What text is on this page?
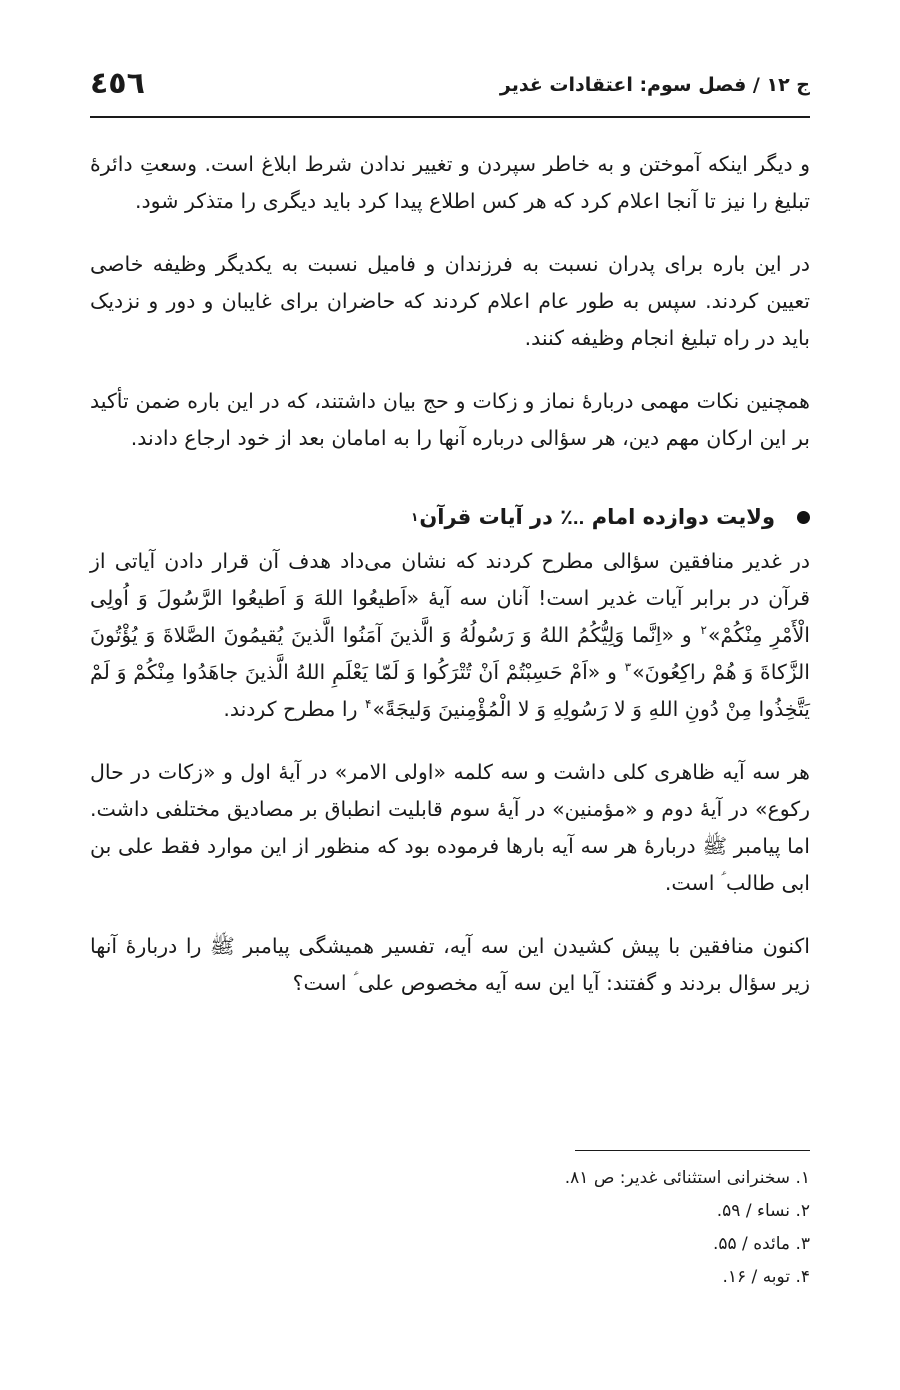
٤٥٦	ج ۱۲ / فصل سوم: اعتقادات غدیر

و دیگر اینکه آموختن و به خاطر سپردن و تغییر ندادن شرط ابلاغ است. وسعتِ دائرۀ تبلیغ را نیز تا آنجا اعلام کرد که هر کس اطلاع پیدا کرد باید دیگری را متذکر شود.

در این باره برای پدران نسبت به فرزندان و فامیل نسبت به یکدیگر وظیفه خاصی تعیین کردند. سپس به طور عام اعلام کردند که حاضران برای غایبان و دور و نزدیک باید در راه تبلیغ انجام وظیفه کنند.

همچنین نکات مهمی دربارۀ نماز و زکات و حج بیان داشتند، که در این باره ضمن تأکید بر این ارکان مهم دین، هر سؤالی درباره آنها را به امامان بعد از خود ارجاع دادند.

ولایت دوازده امام ؊ در آیات قرآن
۱

در غدیر منافقین سؤالی مطرح کردند که نشان می‌داد هدف آن قرار دادن آیاتی از قرآن در برابر آیات غدیر است! آنان سه آیۀ «اَطیعُوا اللهَ وَ اَطیعُوا الرَّسُولَ وَ اُولِی الْأَمْرِ مِنْکُمْ»$^۲$ و «اِنَّما وَلِیُّکُمُ اللهُ وَ رَسُولُهُ وَ الَّذینَ آمَنُوا الَّذینَ یُقیمُونَ الصَّلاةَ وَ یُؤْتُونَ الزَّکاةَ وَ هُمْ راکِعُونَ»$^۳$ و «اَمْ حَسِبْتُمْ اَنْ تُتْرَکُوا وَ لَمّا یَعْلَمِ اللهُ الَّذینَ جاهَدُوا مِنْکُمْ وَ لَمْ یَتَّخِذُوا مِنْ دُونِ اللهِ وَ لا رَسُولِهِ وَ لا الْمُؤْمِنینَ وَلیجَةً»$^۴$ را مطرح کردند.

هر سه آیه ظاهری کلی داشت و سه کلمه «اولی الامر» در آیۀ اول و «زکات در حال رکوع» در آیۀ دوم و «مؤمنین» در آیۀ سوم قابلیت انطباق بر مصادیق مختلفی داشت. اما پیامبر ﷺ دربارۀ هر سه آیه بارها فرموده بود که منظور از این موارد فقط علی بن ابی طالب ؑ است.

اکنون منافقین با پیش کشیدن این سه آیه، تفسیر همیشگی پیامبر ﷺ را دربارۀ آنها زیر سؤال بردند و گفتند: آیا این سه آیه مخصوص علی ؑ است؟

۱. سخنرانی استثنائی غدیر: ص ۸۱.
۲. نساء / ۵۹.
۳. مائده / ۵۵.
۴. توبه / ۱۶.
